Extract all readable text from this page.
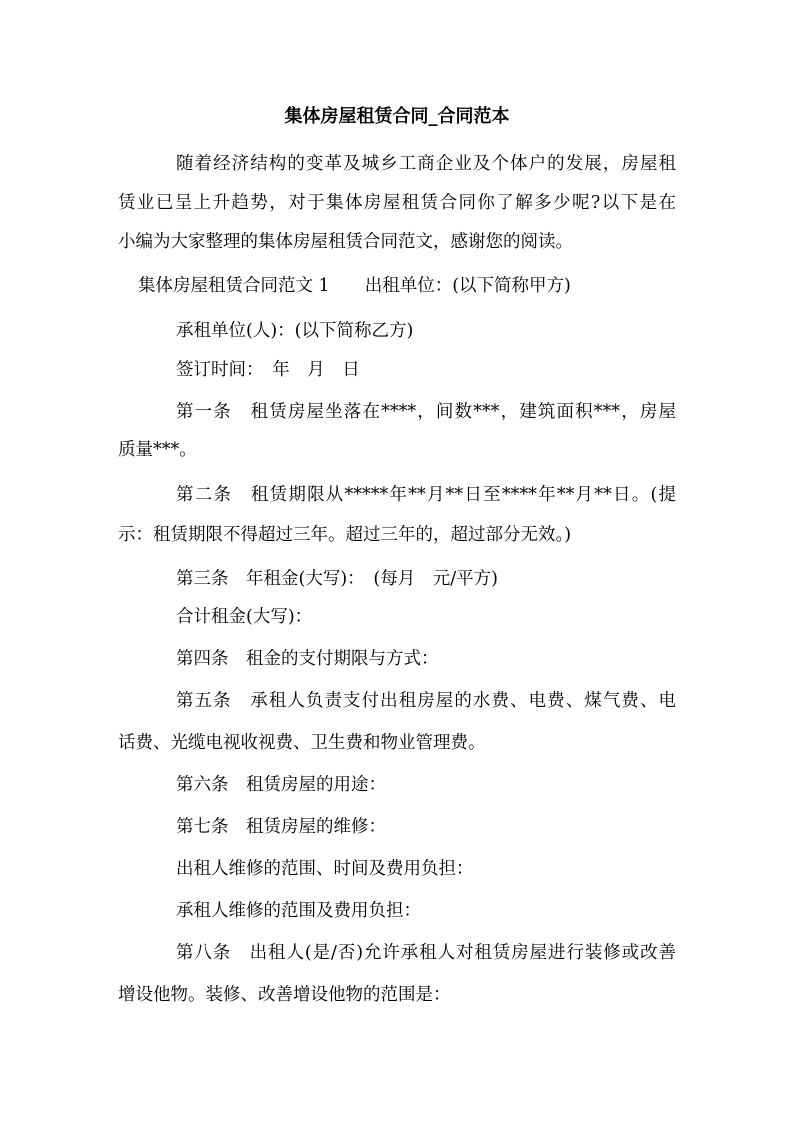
集体房屋租赁合同_合同范本
随着经济结构的变革及城乡工商企业及个体户的发展，房屋租
赁业已呈上升趋势，对于集体房屋租赁合同你了解多少呢?以下是在
小编为大家整理的集体房屋租赁合同范文，感谢您的阅读。
集体房屋租赁合同范文 1　　出租单位：(以下简称甲方)
承租单位(人)：(以下简称乙方)
签订时间：　年　月　日
第一条　租赁房屋坐落在****，间数***，建筑面积***，房屋
质量***。
第二条　租赁期限从*****年**月**日至****年**月**日。(提
示：租赁期限不得超过三年。超过三年的，超过部分无效。)
第三条　年租金(大写)：　(每月　元/平方)
合计租金(大写)：
第四条　租金的支付期限与方式：
第五条　承租人负责支付出租房屋的水费、电费、煤气费、电
话费、光缆电视收视费、卫生费和物业管理费。
第六条　租赁房屋的用途：
第七条　租赁房屋的维修：
出租人维修的范围、时间及费用负担：
承租人维修的范围及费用负担：
第八条　出租人(是/否)允许承租人对租赁房屋进行装修或改善
增设他物。装修、改善增设他物的范围是：
